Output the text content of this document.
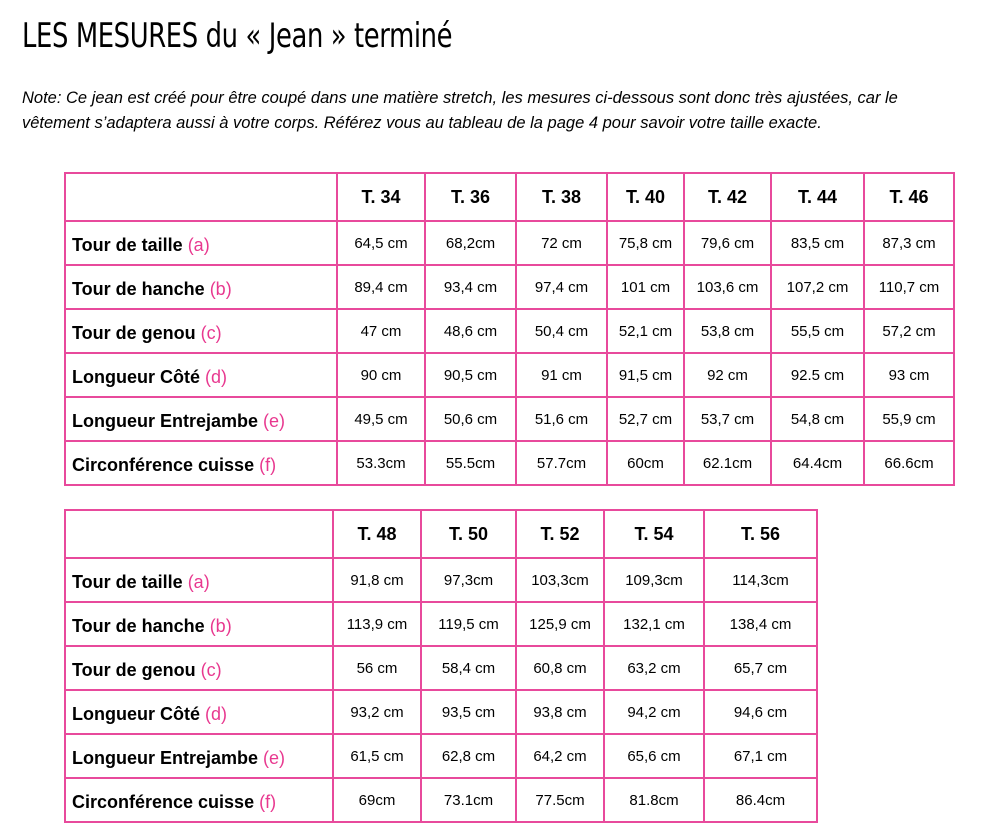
LES MESURES du « Jean » terminé

Note: Ce jean est créé pour être coupé dans une matière stretch, les mesures ci-dessous sont donc très ajustées, car le

vêtement s’adaptera aussi à votre corps. Référez vous au tableau de la page 4 pour savoir votre taille exacte.

	T. 34	T. 36	T. 38	T. 40	T. 42	T. 44	T. 46
Tour de taille (a)	64,5 cm	68,2cm	72 cm	75,8 cm	79,6 cm	83,5 cm	87,3 cm
Tour de hanche (b)	89,4 cm	93,4 cm	97,4 cm	101 cm	103,6 cm	107,2 cm	110,7 cm
Tour de genou (c)	47 cm	48,6 cm	50,4 cm	52,1 cm	53,8 cm	55,5 cm	57,2 cm
Longueur Côté (d)	90 cm	90,5 cm	91 cm	91,5 cm	92 cm	92.5 cm	93 cm
Longueur Entrejambe (e)	49,5 cm	50,6 cm	51,6 cm	52,7 cm	53,7 cm	54,8 cm	55,9 cm
Circonférence cuisse (f)	53.3cm	55.5cm	57.7cm	60cm	62.1cm	64.4cm	66.6cm
	T. 48	T. 50	T. 52	T. 54	T. 56
Tour de taille (a)	91,8 cm	97,3cm	103,3cm	109,3cm	114,3cm
Tour de hanche (b)	113,9 cm	119,5 cm	125,9 cm	132,1 cm	138,4 cm
Tour de genou (c)	56 cm	58,4 cm	60,8 cm	63,2 cm	65,7 cm
Longueur Côté (d)	93,2 cm	93,5 cm	93,8 cm	94,2 cm	94,6 cm
Longueur Entrejambe (e)	61,5 cm	62,8 cm	64,2 cm	65,6 cm	67,1 cm
Circonférence cuisse (f)	69cm	73.1cm	77.5cm	81.8cm	86.4cm
